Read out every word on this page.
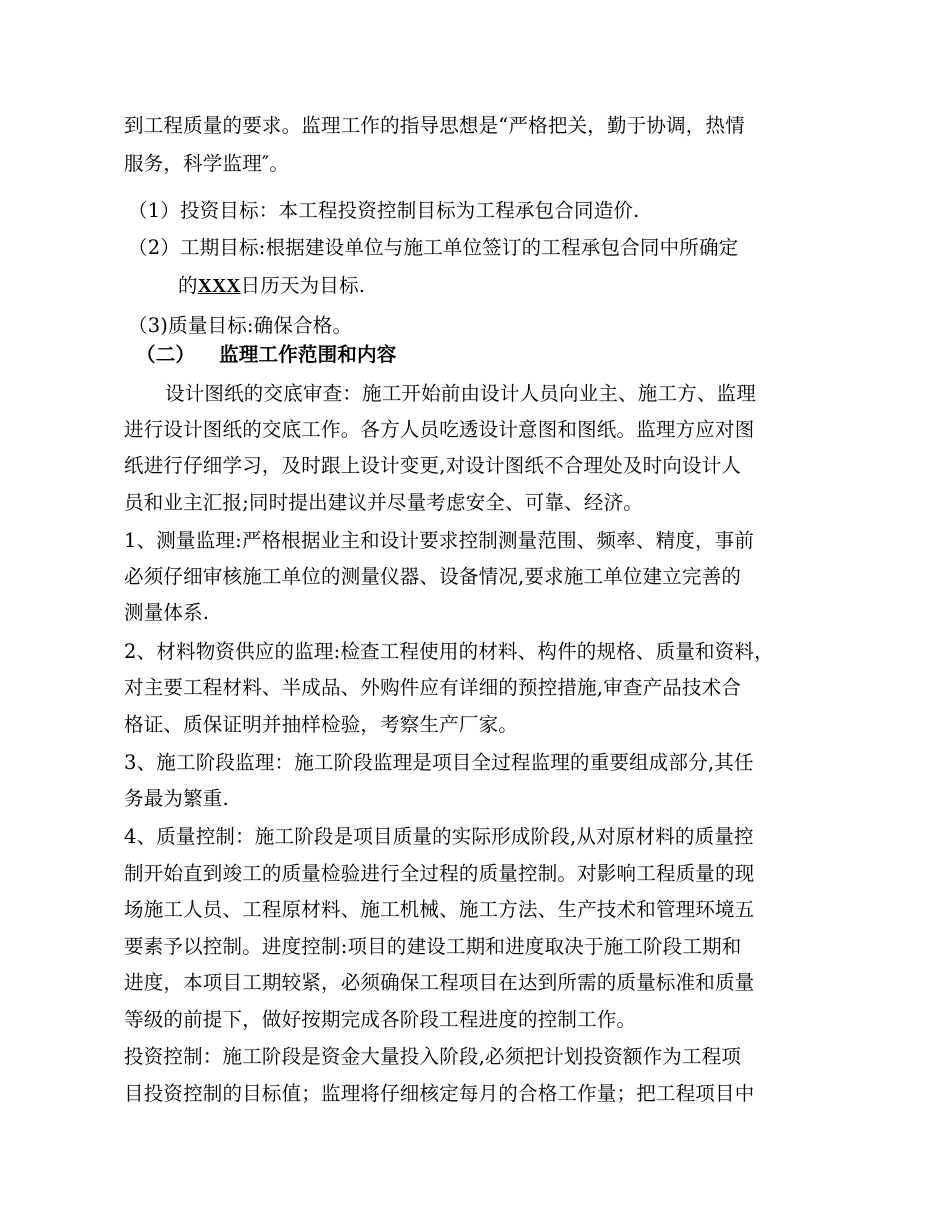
到工程质量的要求。监理工作的指导思想是“严格把关，勤于协调，热情
服务，科学监理″。
（1）投资目标：本工程投资控制目标为工程承包合同造价.
（2）工期目标:根据建设单位与施工单位签订的工程承包合同中所确定
的XXX日历天为目标.
（3)质量目标:确保合格。
（二） 监理工作范围和内容
设计图纸的交底审查：施工开始前由设计人员向业主、施工方、监理
进行设计图纸的交底工作。各方人员吃透设计意图和图纸。监理方应对图
纸进行仔细学习，及时跟上设计变更,对设计图纸不合理处及时向设计人
员和业主汇报;同时提出建议并尽量考虑安全、可靠、经济。
1、测量监理:严格根据业主和设计要求控制测量范围、频率、精度，事前
必须仔细审核施工单位的测量仪器、设备情况,要求施工单位建立完善的
测量体系.
2、材料物资供应的监理:检查工程使用的材料、构件的规格、质量和资料，
对主要工程材料、半成品、外购件应有详细的预控措施,审查产品技术合
格证、质保证明并抽样检验，考察生产厂家。
3、施工阶段监理：施工阶段监理是项目全过程监理的重要组成部分,其任
务最为繁重.
4、质量控制：施工阶段是项目质量的实际形成阶段,从对原材料的质量控
制开始直到竣工的质量检验进行全过程的质量控制。对影响工程质量的现
场施工人员、工程原材料、施工机械、施工方法、生产技术和管理环境五
要素予以控制。进度控制:项目的建设工期和进度取决于施工阶段工期和
进度，本项目工期较紧，必须确保工程项目在达到所需的质量标准和质量
等级的前提下，做好按期完成各阶段工程进度的控制工作。
投资控制：施工阶段是资金大量投入阶段,必须把计划投资额作为工程项
目投资控制的目标值；监理将仔细核定每月的合格工作量；把工程项目中
